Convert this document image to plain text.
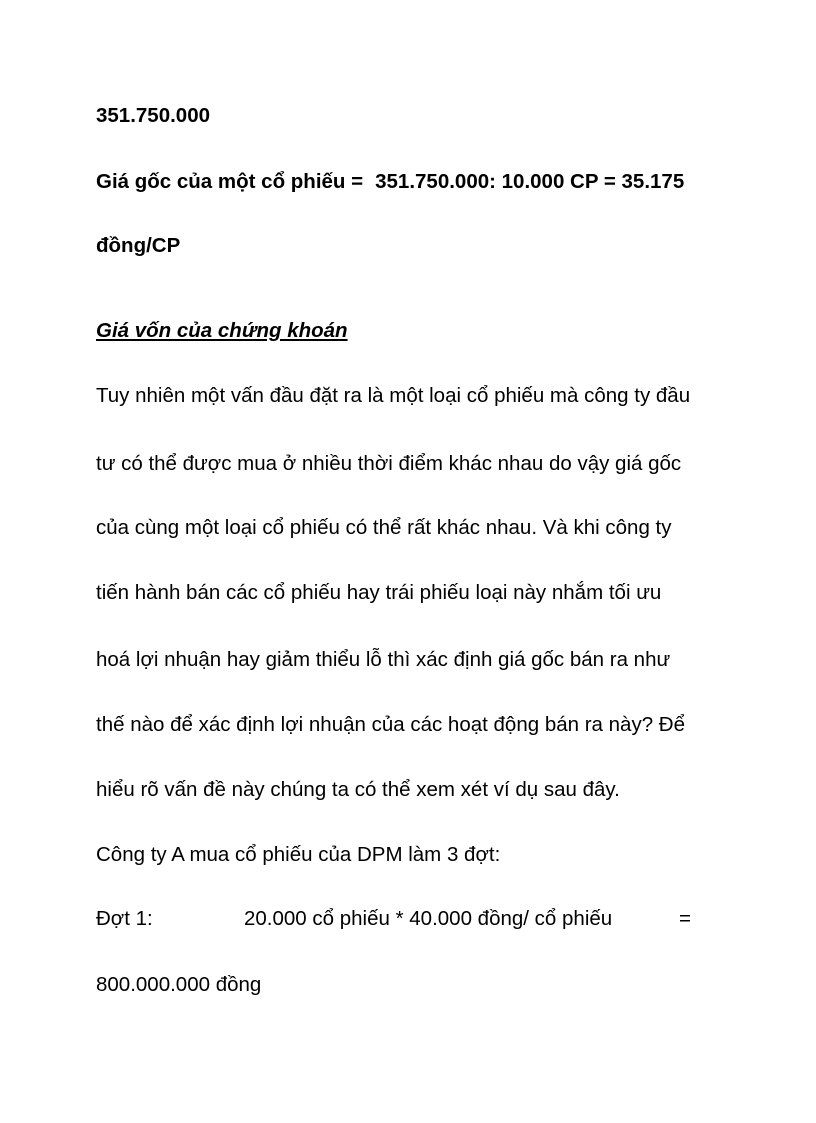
351.750.000
Giá gốc của một cổ phiếu = 351.750.000: 10.000 CP = 35.175
đồng/CP
Giá vốn của chứng khoán
Tuy nhiên một vấn đầu đặt ra là một loại cổ phiếu mà công ty đầu
tư có thể được mua ở nhiều thời điểm khác nhau do vậy giá gốc
của cùng một loại cổ phiếu có thể rất khác nhau. Và khi công ty
tiến hành bán các cổ phiếu hay trái phiếu loại này nhắm tối ưu
hoá lợi nhuận hay giảm thiểu lỗ thì xác định giá gốc bán ra như
thế nào để xác định lợi nhuận của các hoạt động bán ra này? Để
hiểu rõ vấn đề này chúng ta có thể xem xét ví dụ sau đây.
Công ty A mua cổ phiếu của DPM làm 3 đợt:
Đợt 1:	20.000 cổ phiếu * 40.000 đồng/ cổ phiếu	=
800.000.000 đồng
